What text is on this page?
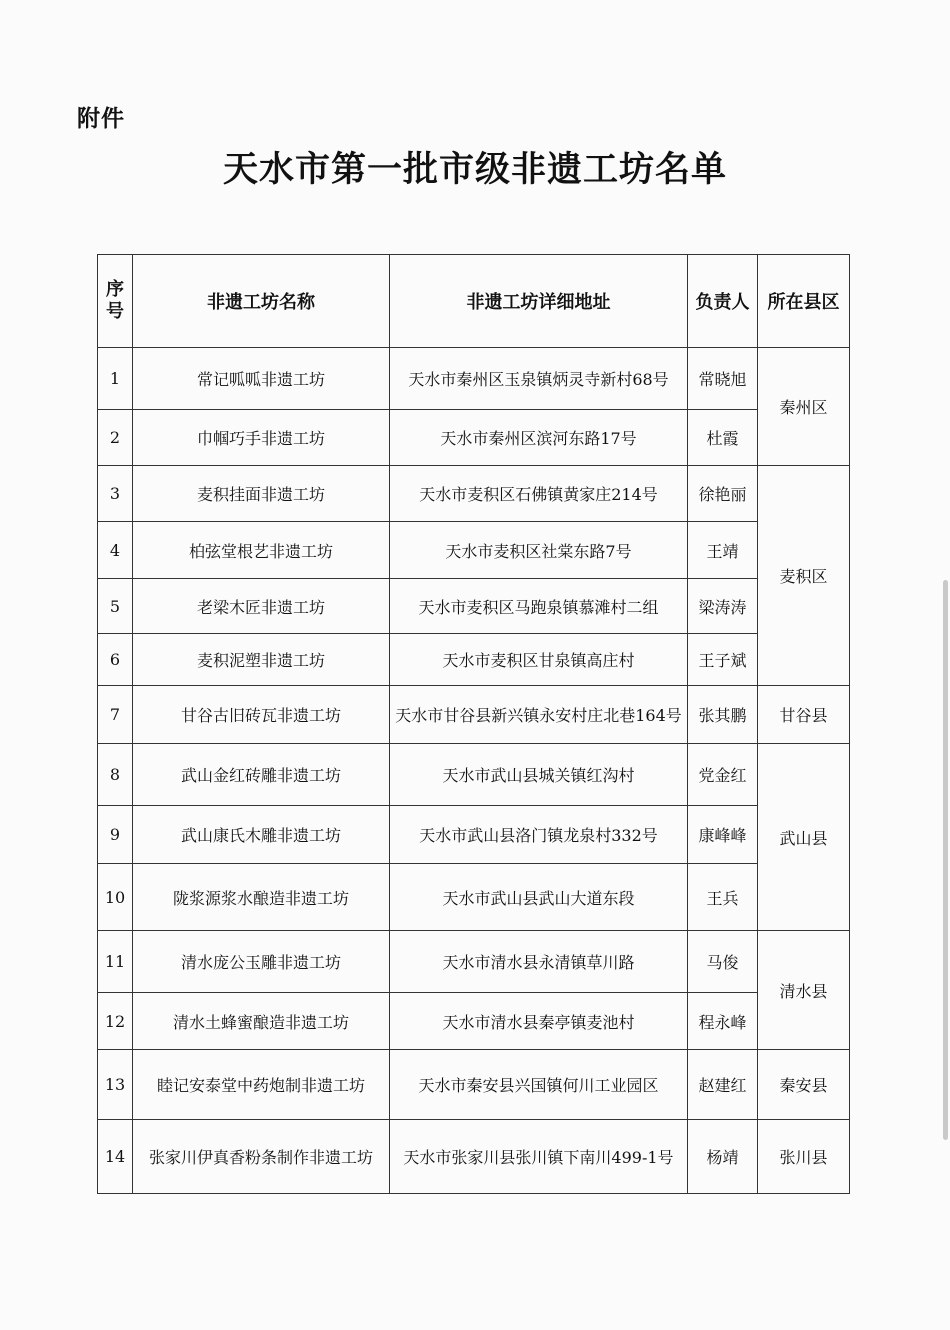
附件
天水市第一批市级非遗工坊名单
序
号	非遗工坊名称	非遗工坊详细地址	负责人	所在县区
1	常记呱呱非遗工坊	天水市秦州区玉泉镇炳灵寺新村68号	常晓旭	秦州区
2	巾帼巧手非遗工坊	天水市秦州区滨河东路17号	杜霞	
3	麦积挂面非遗工坊	天水市麦积区石佛镇黄家庄214号	徐艳丽	麦积区
4	柏弦堂根艺非遗工坊	天水市麦积区社棠东路7号	王靖	
5	老梁木匠非遗工坊	天水市麦积区马跑泉镇慕滩村二组	梁涛涛	
6	麦积泥塑非遗工坊	天水市麦积区甘泉镇高庄村	王子斌	
7	甘谷古旧砖瓦非遗工坊	天水市甘谷县新兴镇永安村庄北巷164号	张其鹏	甘谷县
8	武山金红砖雕非遗工坊	天水市武山县城关镇红沟村	党金红	武山县
9	武山康氏木雕非遗工坊	天水市武山县洛门镇龙泉村332号	康峰峰	
10	陇浆源浆水酿造非遗工坊	天水市武山县武山大道东段	王兵	
11	清水庞公玉雕非遗工坊	天水市清水县永清镇草川路	马俊	清水县
12	清水土蜂蜜酿造非遗工坊	天水市清水县秦亭镇麦池村	程永峰	
13	睦记安泰堂中药炮制非遗工坊	天水市秦安县兴国镇何川工业园区	赵建红	秦安县
14	张家川伊真香粉条制作非遗工坊	天水市张家川县张川镇下南川499-1号	杨靖	张川县
